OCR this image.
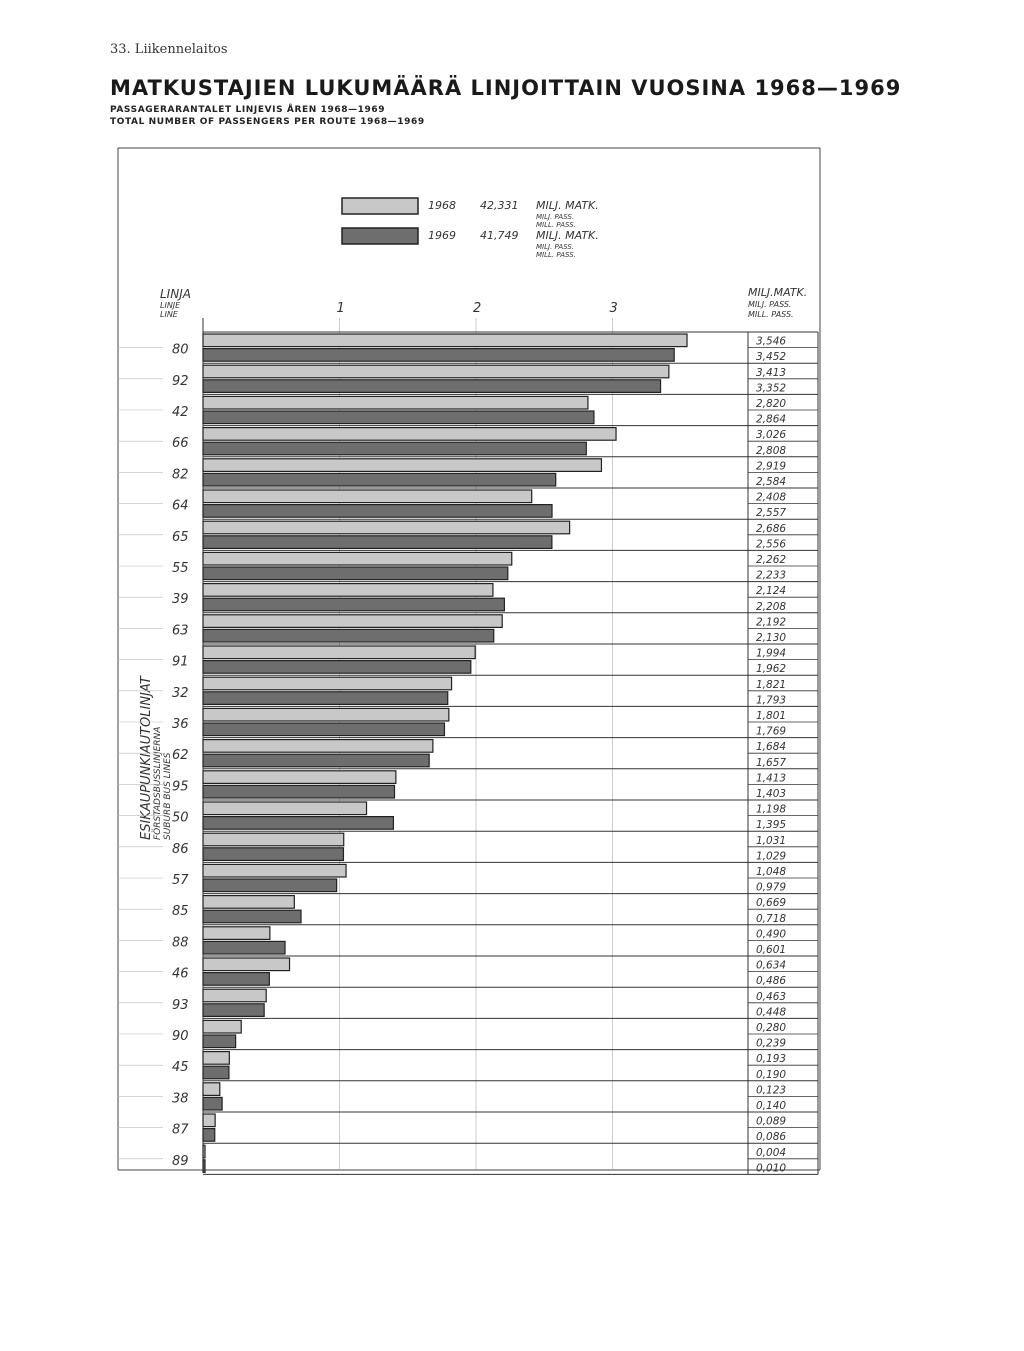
33. Liikennelaitos
MATKUSTAJIEN LUKUMÄÄRÄ LINJOITTAIN VUOSINA 1968—1969
PASSAGERARANTALET LINJEVIS ÅREN 1968—1969
TOTAL NUMBER OF PASSENGERS PER ROUTE 1968—1969
1968 42,331 MILJ. MATK.
MILJ. PASS.
MILL. PASS.
1969 41,749 MILJ. MATK.
MILJ. PASS.
MILL. PASS.
LINJA
LINJE
LINE
MILJ.MATK.
MILJ. PASS.
MILL. PASS.
1	2	3
ESIKAUPUNKIAUTOLINJAT FÖRSTADSBUSSLINJERNA SUBURB BUS LINES
80
3,546
3,452
92
3,413
3,352
42
2,820
2,864
66
3,026
2,808
82
2,919
2,584
64
2,408
2,557
65
2,686
2,556
55
2,262
2,233
39
2,124
2,208
63
2,192
2,130
91
1,994
1,962
32
1,821
1,793
36
1,801
1,769
62
1,684
1,657
95
1,413
1,403
50
1,198
1,395
86
1,031
1,029
57
1,048
0,979
85
0,669
0,718
88
0,490
0,601
46
0,634
0,486
93
0,463
0,448
90
0,280
0,239
45
0,193
0,190
38
0,123
0,140
87
0,089
0,086
89
0,004
0,010
